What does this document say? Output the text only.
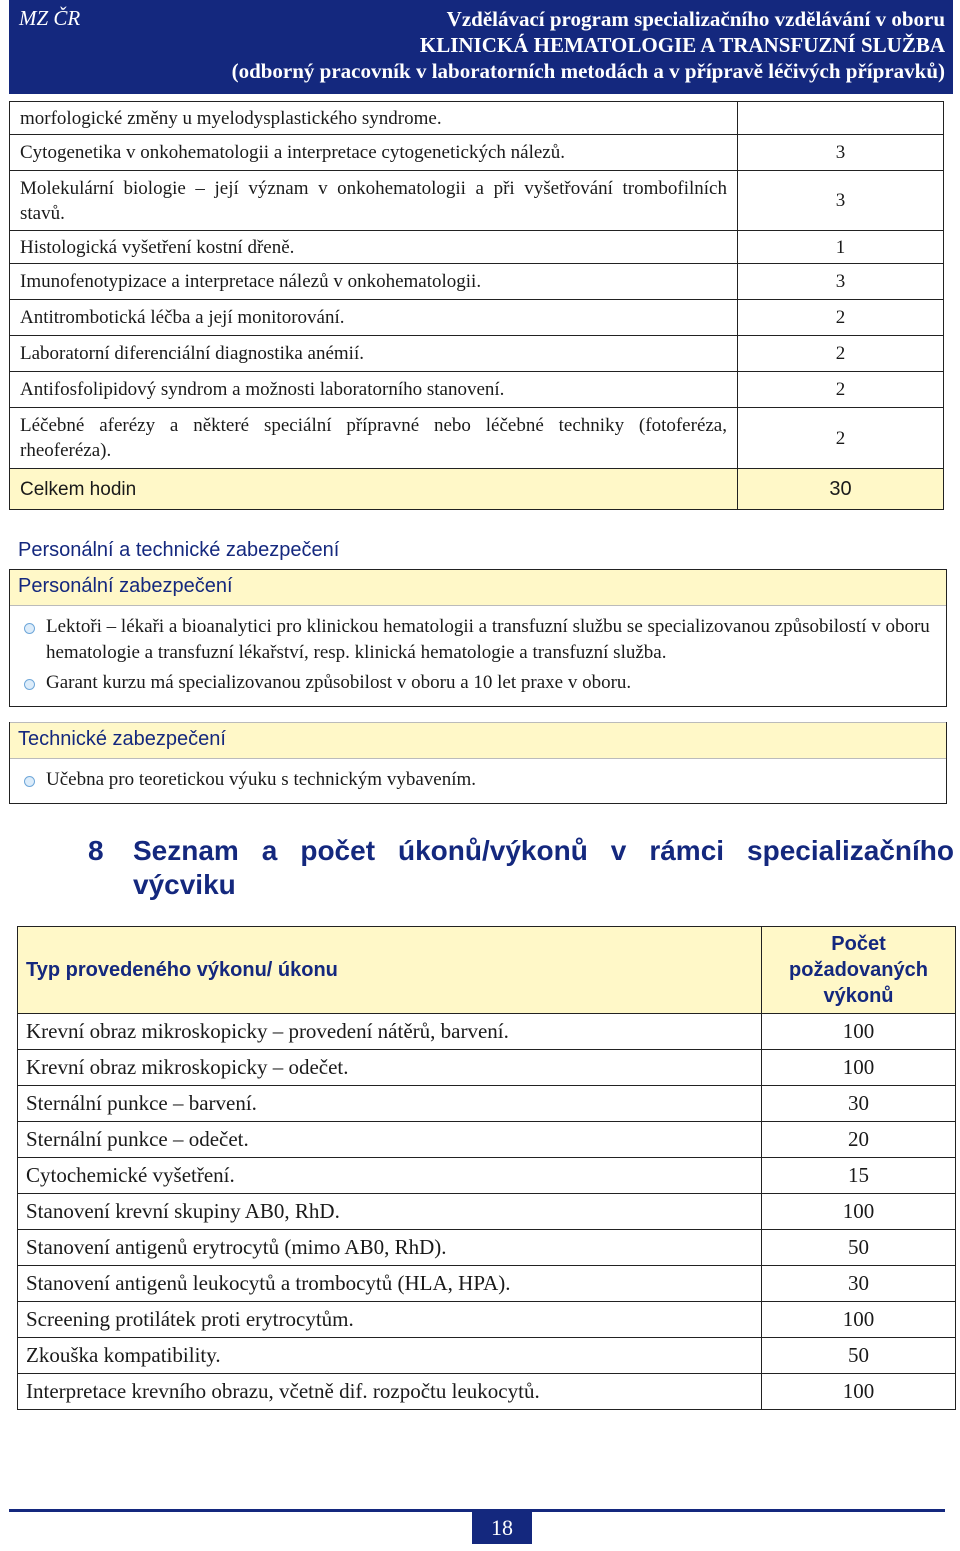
MZ ČR	Vzdělávací program specializačního vzdělávání v oboru
KLINICKÁ HEMATOLOGIE A TRANSFUZNÍ SLUŽBA
(odborný pracovník v laboratorních metodách a v přípravě léčivých přípravků)
morfologické změny u myelodysplastického syndrome.	
Cytogenetika v onkohematologii a interpretace cytogenetických nálezů.	3
Molekulární biologie – její význam v onkohematologii a při vyšetřování trombofilních stavů.	3
Histologická vyšetření kostní dřeně.	1
Imunofenotypizace a interpretace nálezů v onkohematologii.	3
Antitrombotická léčba a její monitorování.	2
Laboratorní diferenciální diagnostika anémií.	2
Antifosfolipidový syndrom a možnosti laboratorního stanovení.	2
Léčebné aferézy a některé speciální přípravné nebo léčebné techniky (fotoferéza, rheoferéza).	2
Celkem hodin	30
Personální a technické zabezpečení
Personální zabezpečení
Lektoři – lékaři a bioanalytici pro klinickou hematologii a transfuzní službu se specializovanou způsobilostí v oboru hematologie a transfuzní lékařství, resp. klinická hematologie a transfuzní služba.
Garant kurzu má specializovanou způsobilost v oboru a 10 let praxe v oboru.
Technické zabezpečení
Učebna pro teoretickou výuku s technickým vybavením.
8 Seznam a počet úkonů/výkonů v rámci specializačního výcviku
Typ provedeného výkonu/ úkonu	Počet požadovaných výkonů
Krevní obraz mikroskopicky – provedení nátěrů, barvení.	100
Krevní obraz mikroskopicky – odečet.	100
Sternální punkce – barvení.	30
Sternální punkce – odečet.	20
Cytochemické vyšetření.	15
Stanovení krevní skupiny AB0, RhD.	100
Stanovení antigenů erytrocytů (mimo AB0, RhD).	50
Stanovení antigenů leukocytů a trombocytů (HLA, HPA).	30
Screening protilátek proti erytrocytům.	100
Zkouška kompatibility.	50
Interpretace krevního obrazu, včetně dif. rozpočtu leukocytů.	100
18
